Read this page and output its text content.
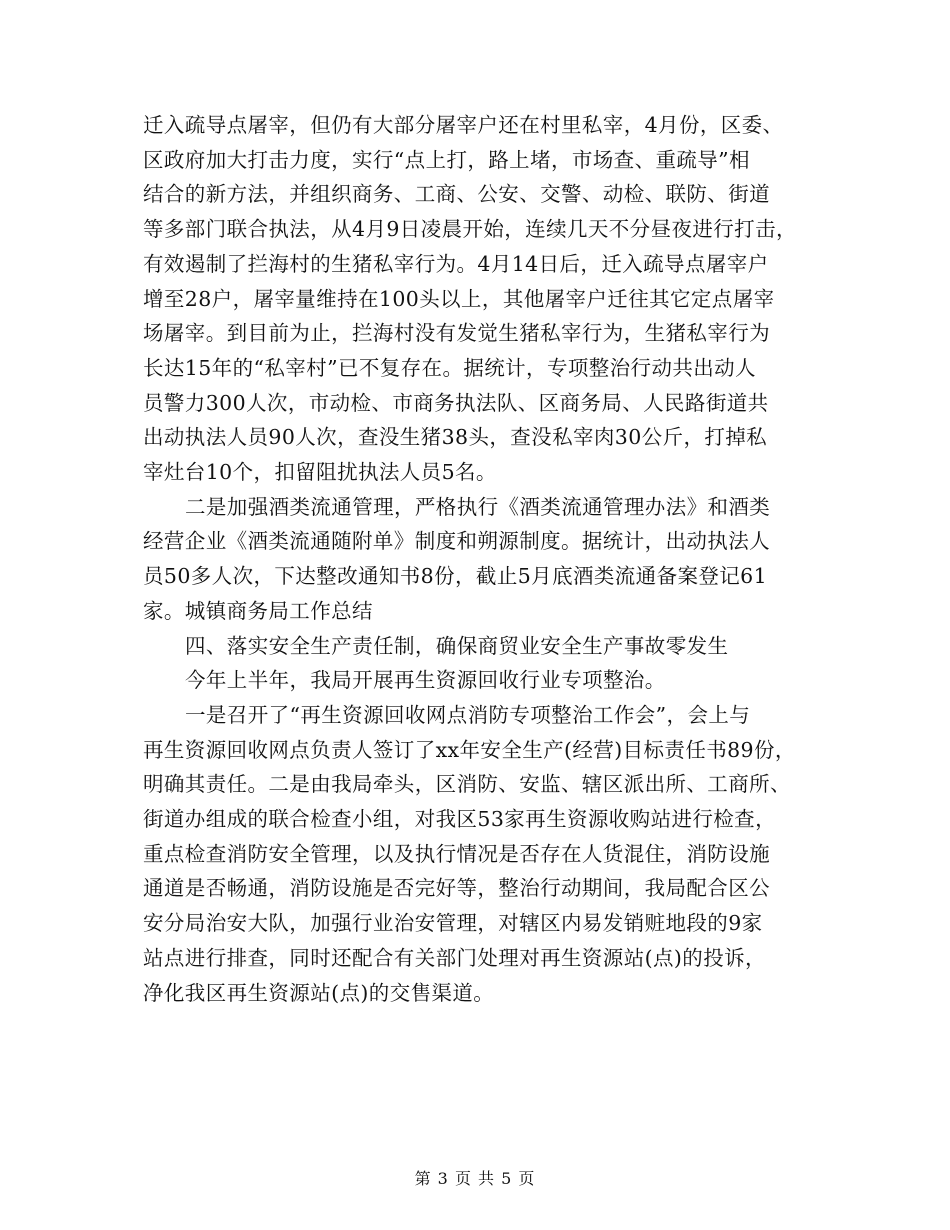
迁入疏导点屠宰，但仍有大部分屠宰户还在村里私宰，4月份，区委、
区政府加大打击力度，实行“点上打，路上堵，市场查、重疏导”相
结合的新方法，并组织商务、工商、公安、交警、动检、联防、街道
等多部门联合执法，从4月9日凌晨开始，连续几天不分昼夜进行打击，
有效遏制了拦海村的生猪私宰行为。4月14日后，迁入疏导点屠宰户
增至28户，屠宰量维持在100头以上，其他屠宰户迁往其它定点屠宰
场屠宰。到目前为止，拦海村没有发觉生猪私宰行为，生猪私宰行为
长达15年的“私宰村”已不复存在。据统计，专项整治行动共出动人
员警力300人次，市动检、市商务执法队、区商务局、人民路街道共
出动执法人员90人次，查没生猪38头，查没私宰肉30公斤，打掉私
宰灶台10个，扣留阻扰执法人员5名。
二是加强酒类流通管理，严格执行《酒类流通管理办法》和酒类
经营企业《酒类流通随附单》制度和朔源制度。据统计，出动执法人
员50多人次，下达整改通知书8份，截止5月底酒类流通备案登记61
家。城镇商务局工作总结
四、落实安全生产责任制，确保商贸业安全生产事故零发生
今年上半年，我局开展再生资源回收行业专项整治。
一是召开了“再生资源回收网点消防专项整治工作会”，会上与
再生资源回收网点负责人签订了xx年安全生产(经营)目标责任书89份，
明确其责任。二是由我局牵头，区消防、安监、辖区派出所、工商所、
街道办组成的联合检查小组，对我区53家再生资源收购站进行检查，
重点检查消防安全管理，以及执行情况是否存在人货混住，消防设施
通道是否畅通，消防设施是否完好等，整治行动期间，我局配合区公
安分局治安大队，加强行业治安管理，对辖区内易发销赃地段的9家
站点进行排查，同时还配合有关部门处理对再生资源站(点)的投诉，
净化我区再生资源站(点)的交售渠道。
第 3 页 共 5 页
